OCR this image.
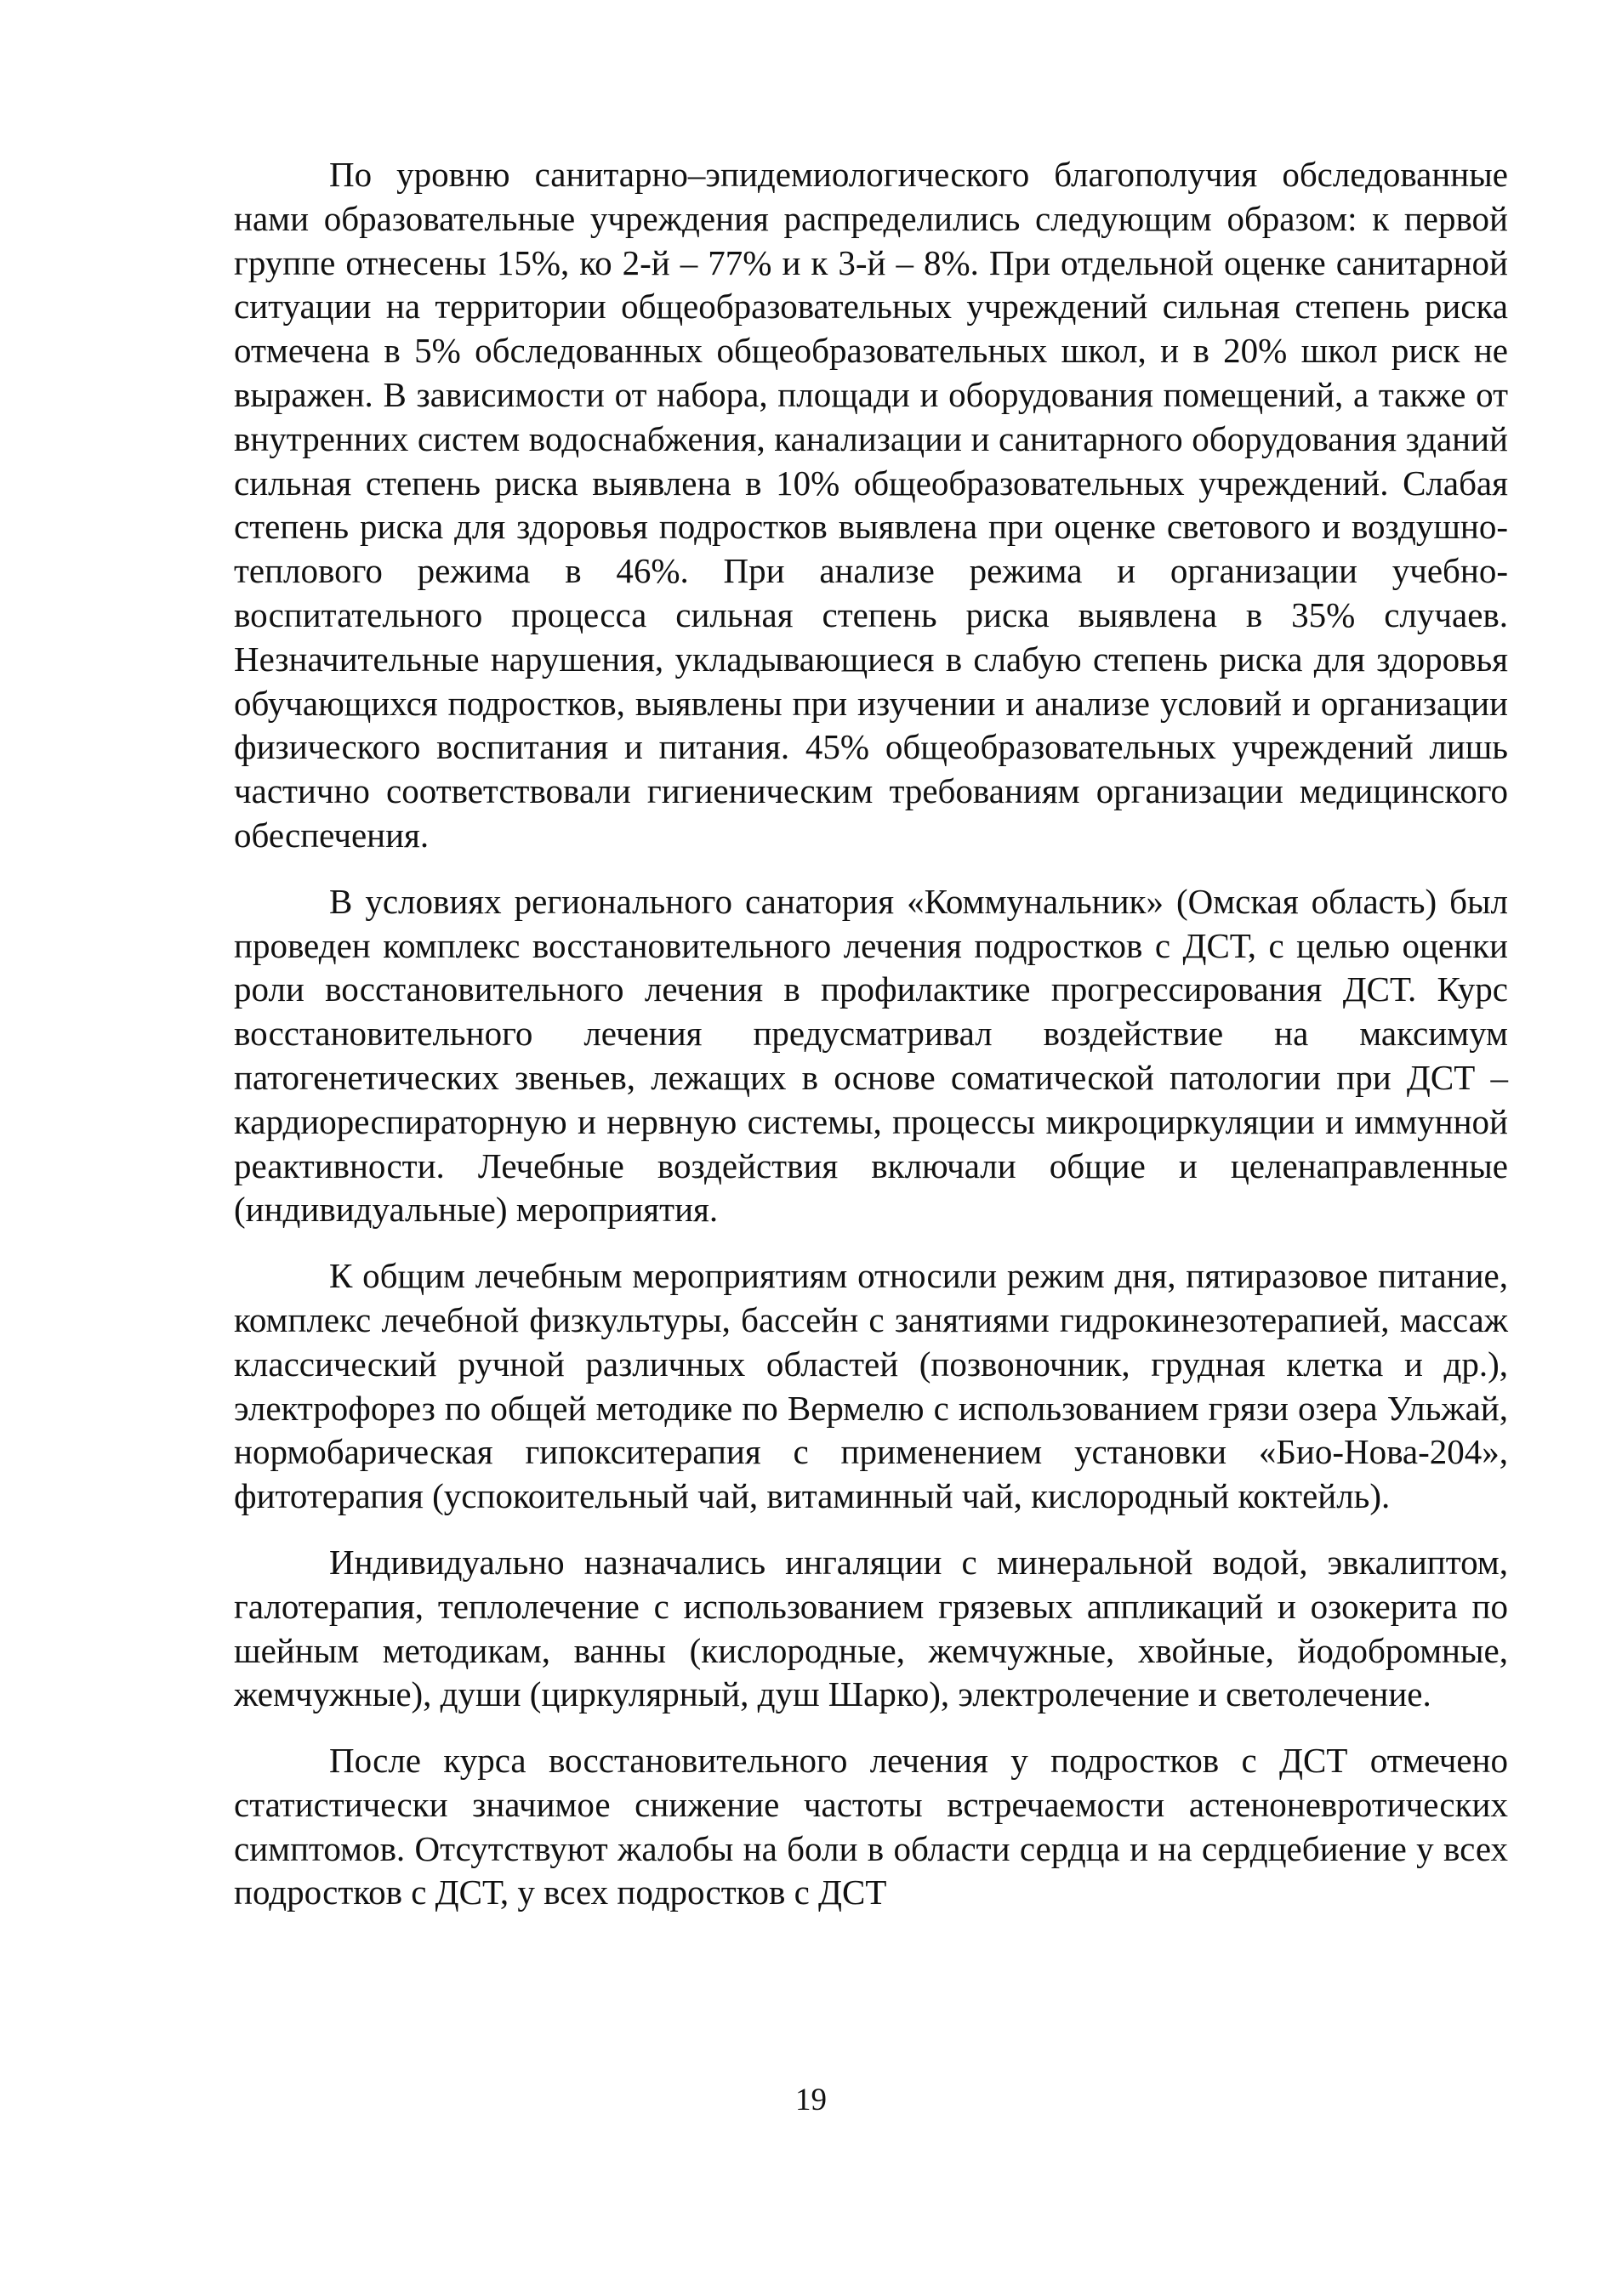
По уровню санитарно–эпидемиологического благополучия обследованные нами образовательные учреждения распределились следующим образом: к первой группе отнесены 15%, ко 2-й – 77% и к 3-й – 8%. При отдельной оценке санитарной ситуации на территории общеобразовательных учреждений сильная степень риска отмечена в 5% обследованных общеобразовательных школ, и в 20% школ риск не выражен. В зависимости от набора, площади и оборудования помещений, а также от внутренних систем водоснабжения, канализации и санитарного оборудования зданий сильная степень риска выявлена в 10% общеобразовательных учреждений. Слабая степень риска для здоровья подростков выявлена при оценке светового и воздушно-теплового режима в 46%. При анализе режима и организации учебно-воспитательного процесса сильная степень риска выявлена в 35% случаев. Незначительные нарушения, укладывающиеся в слабую степень риска для здоровья обучающихся подростков, выявлены при изучении и анализе условий и организации физического воспитания и питания. 45% общеобразовательных учреждений лишь частично соответствовали гигиеническим требованиям организации медицинского обеспечения.

В условиях регионального санатория «Коммунальник» (Омская область) был проведен комплекс восстановительного лечения подростков с ДСТ, с целью оценки роли восстановительного лечения в профилактике прогрессирования ДСТ. Курс восстановительного лечения предусматривал воздействие на максимум патогенетических звеньев, лежащих в основе соматической патологии при ДСТ – кардиореспираторную и нервную системы, процессы микроциркуляции и иммунной реактивности. Лечебные воздействия включали общие и целенаправленные (индивидуальные) мероприятия.

К общим лечебным мероприятиям относили режим дня, пятиразовое питание, комплекс лечебной физкультуры, бассейн с занятиями гидрокинезотерапией, массаж классический ручной различных областей (позвоночник, грудная клетка и др.), электрофорез по общей методике по Вермелю с использованием грязи озера Ульжай, нормобарическая гипокситерапия с применением установки «Био-Нова-204», фитотерапия (успокоительный чай, витаминный чай, кислородный коктейль).

Индивидуально назначались ингаляции с минеральной водой, эвкалиптом, галотерапия, теплолечение с использованием грязевых аппликаций и озокерита по шейным методикам, ванны (кислородные, жемчужные, хвойные, йодобромные, жемчужные), души (циркулярный, душ Шарко), электролечение и светолечение.

После курса восстановительного лечения у подростков с ДСТ отмечено статистически значимое снижение частоты встречаемости астеноневротических симптомов. Отсутствуют жалобы на боли в области сердца и на сердцебиение у всех подростков с ДСТ, у всех подростков с ДСТ

19
